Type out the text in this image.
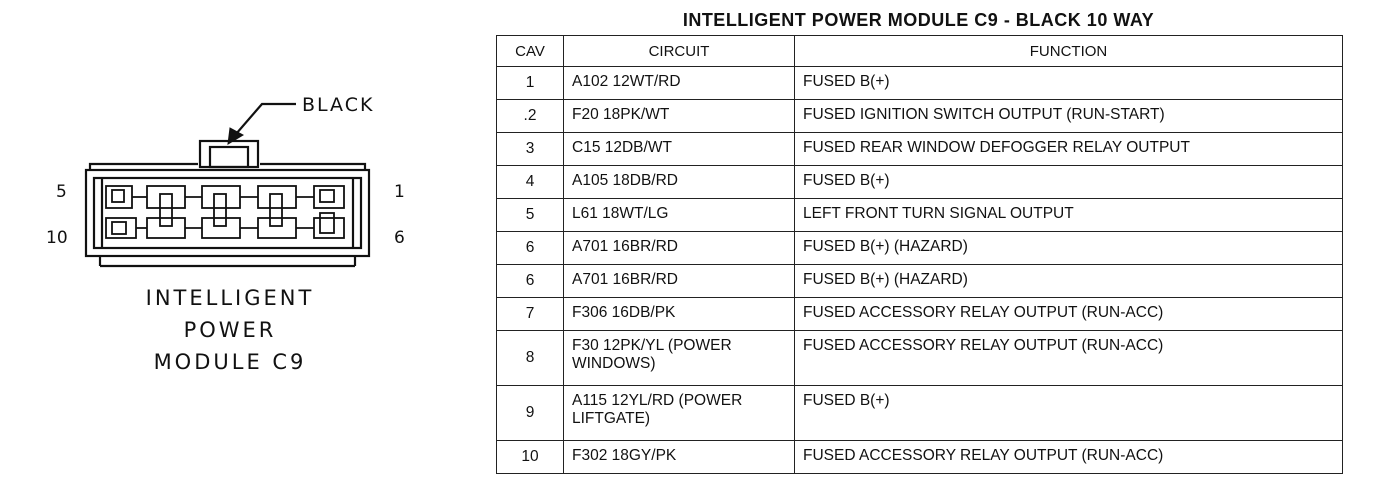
BLACK
5
10
1
6
INTELLIGENT
POWER
MODULE C9
INTELLIGENT POWER MODULE C9 - BLACK 10 WAY
CAV	CIRCUIT	FUNCTION
1	A102 12WT/RD	FUSED B(+)
.2	F20 18PK/WT	FUSED IGNITION SWITCH OUTPUT (RUN-START)
3	C15 12DB/WT	FUSED REAR WINDOW DEFOGGER RELAY OUTPUT
4	A105 18DB/RD	FUSED B(+)
5	L61 18WT/LG	LEFT FRONT TURN SIGNAL OUTPUT
6	A701 16BR/RD	FUSED B(+) (HAZARD)
6	A701 16BR/RD	FUSED B(+) (HAZARD)
7	F306 16DB/PK	FUSED ACCESSORY RELAY OUTPUT (RUN-ACC)
8	F30 12PK/YL (POWER WINDOWS)	FUSED ACCESSORY RELAY OUTPUT (RUN-ACC)
9	A115 12YL/RD (POWER LIFTGATE)	FUSED B(+)
10	F302 18GY/PK	FUSED ACCESSORY RELAY OUTPUT (RUN-ACC)
